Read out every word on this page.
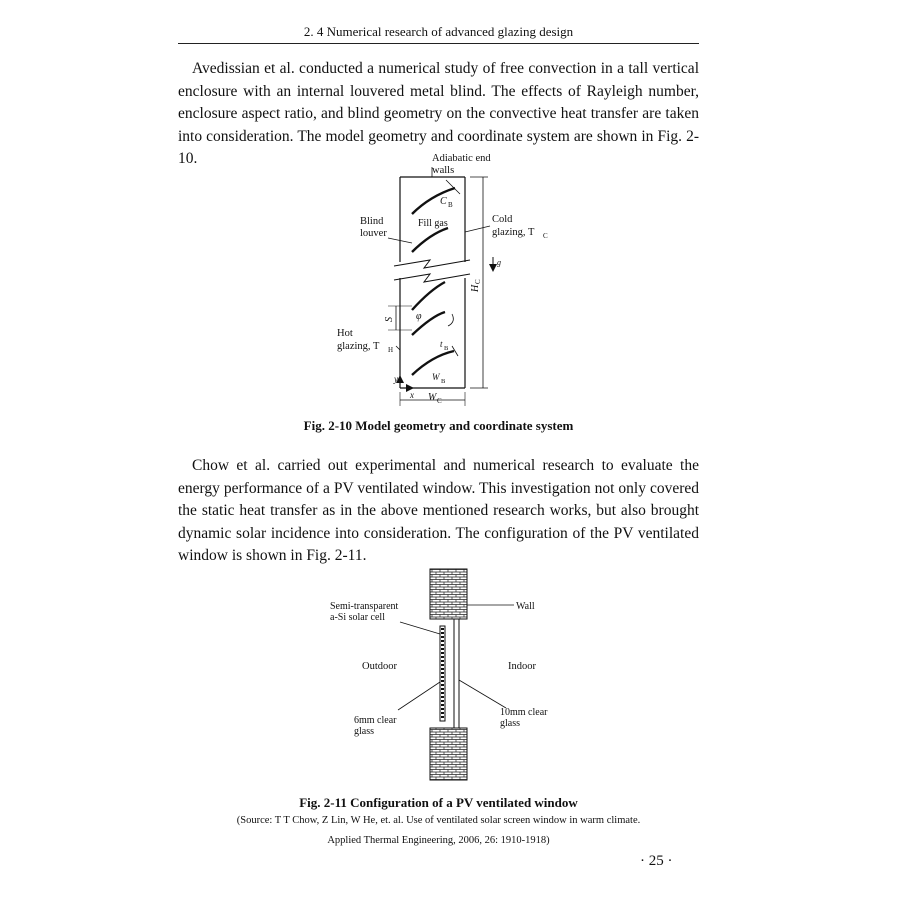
2. 4 Numerical research of advanced glazing design

Avedissian et al. conducted a numerical study of free convection in a tall vertical enclosure with an internal louvered metal blind. The effects of Rayleigh number, enclosure aspect ratio, and blind geometry on the convective heat transfer are taken into consideration. The model geometry and coordinate system are shown in Fig. 2-10.	Adiabatic end
walls
C B
Fill gas
Blind
louver
Cold
glazing, T C
g
H
C
S φ
Hot
glazing, T H
t B
W B
y
x W C
Fig. 2-10 Model geometry and coordinate system

Chow et al. carried out experimental and numerical research to evaluate the energy performance of a PV ventilated window. This investigation not only covered the static heat transfer as in the above mentioned research works, but also brought dynamic solar incidence into consideration. The configuration of the PV ventilated window is shown in Fig. 2-11.

Semi-transparent
a-Si solar cell
Wall
Outdoor	Indoor
6mm clear
glass
10mm clear
glass
Fig. 2-11 Configuration of a PV ventilated window
(Source: T T Chow, Z Lin, W He, et. al. Use of ventilated solar screen window in warm climate.
Applied Thermal Engineering, 2006, 26: 1910-1918)
· 25 ·
